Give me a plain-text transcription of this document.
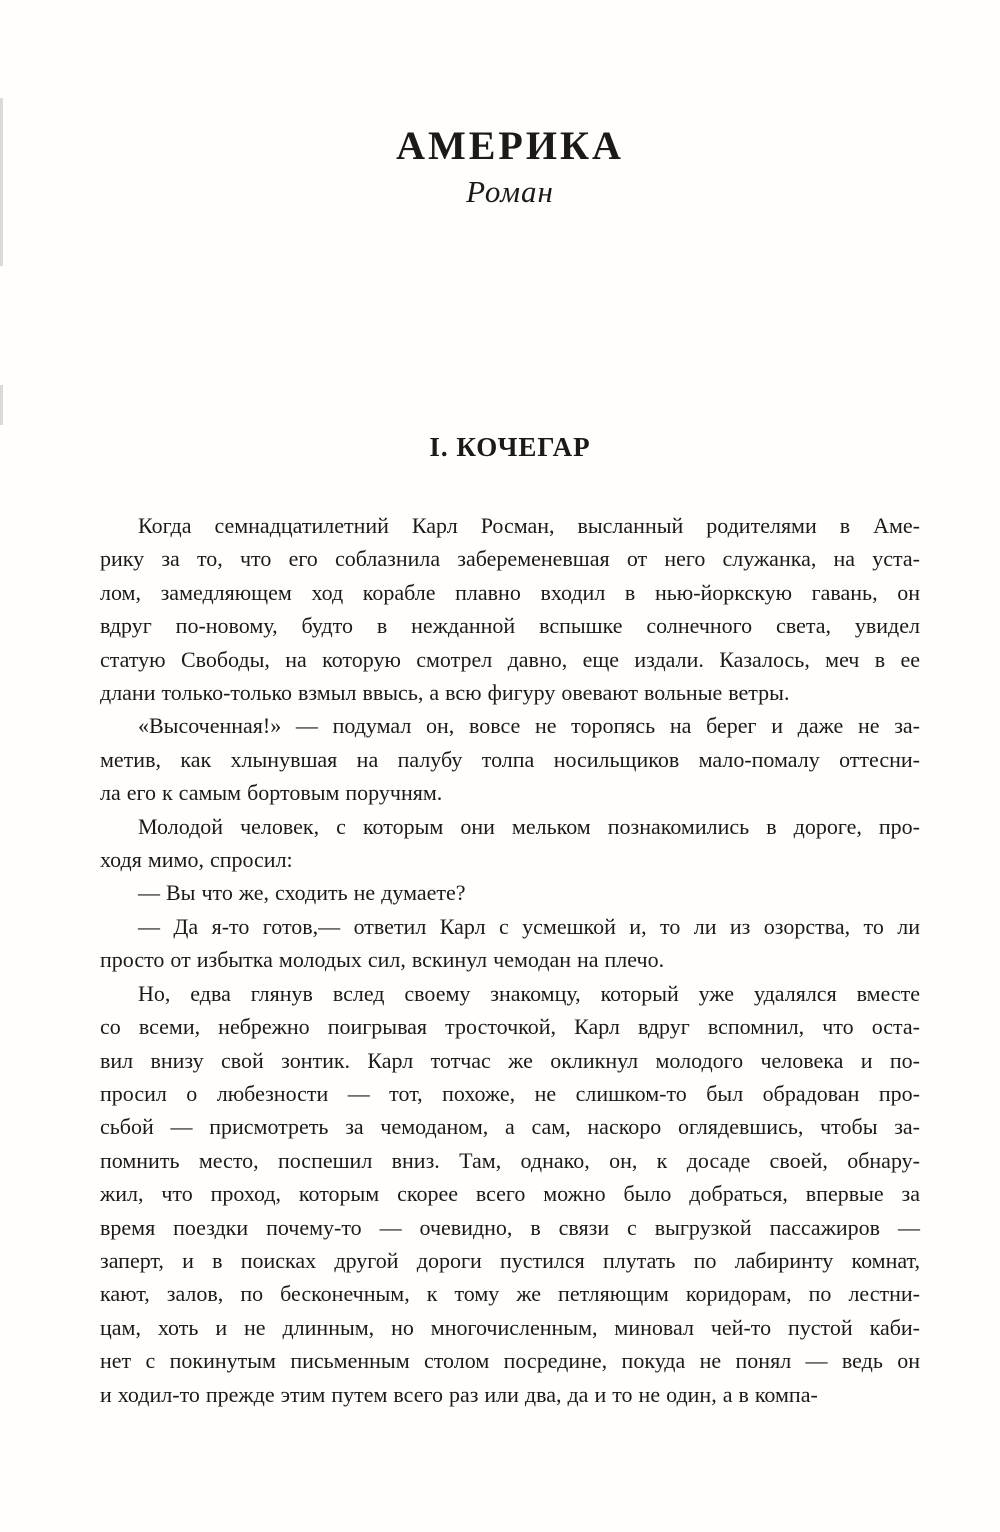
АМЕРИКА
Роман
I. КОЧЕГАР
Когда семнадцатилетний Карл Росман, высланный родителями в Аме-
рику за то, что его соблазнила забеременевшая от него служанка, на уста-
лом, замедляющем ход корабле плавно входил в нью-йоркскую гавань, он
вдруг по-новому, будто в нежданной вспышке солнечного света, увидел
статую Свободы, на которую смотрел давно, еще издали. Казалось, меч в ее
длани только-только взмыл ввысь, а всю фигуру овевают вольные ветры.
«Высоченная!» — подумал он, вовсе не торопясь на берег и даже не за-
метив, как хлынувшая на палубу толпа носильщиков мало-помалу оттесни-
ла его к самым бортовым поручням.
Молодой человек, с которым они мельком познакомились в дороге, про-
ходя мимо, спросил:
— Вы что же, сходить не думаете?
— Да я-то готов,— ответил Карл с усмешкой и, то ли из озорства, то ли
просто от избытка молодых сил, вскинул чемодан на плечо.
Но, едва глянув вслед своему знакомцу, который уже удалялся вместе
со всеми, небрежно поигрывая тросточкой, Карл вдруг вспомнил, что оста-
вил внизу свой зонтик. Карл тотчас же окликнул молодого человека и по-
просил о любезности — тот, похоже, не слишком-то был обрадован про-
сьбой — присмотреть за чемоданом, а сам, наскоро оглядевшись, чтобы за-
помнить место, поспешил вниз. Там, однако, он, к досаде своей, обнару-
жил, что проход, которым скорее всего можно было добраться, впервые за
время поездки почему-то — очевидно, в связи с выгрузкой пассажиров —
заперт, и в поисках другой дороги пустился плутать по лабиринту комнат,
кают, залов, по бесконечным, к тому же петляющим коридорам, по лестни-
цам, хоть и не длинным, но многочисленным, миновал чей-то пустой каби-
нет с покинутым письменным столом посредине, покуда не понял — ведь он
и ходил-то прежде этим путем всего раз или два, да и то не один, а в компа-
